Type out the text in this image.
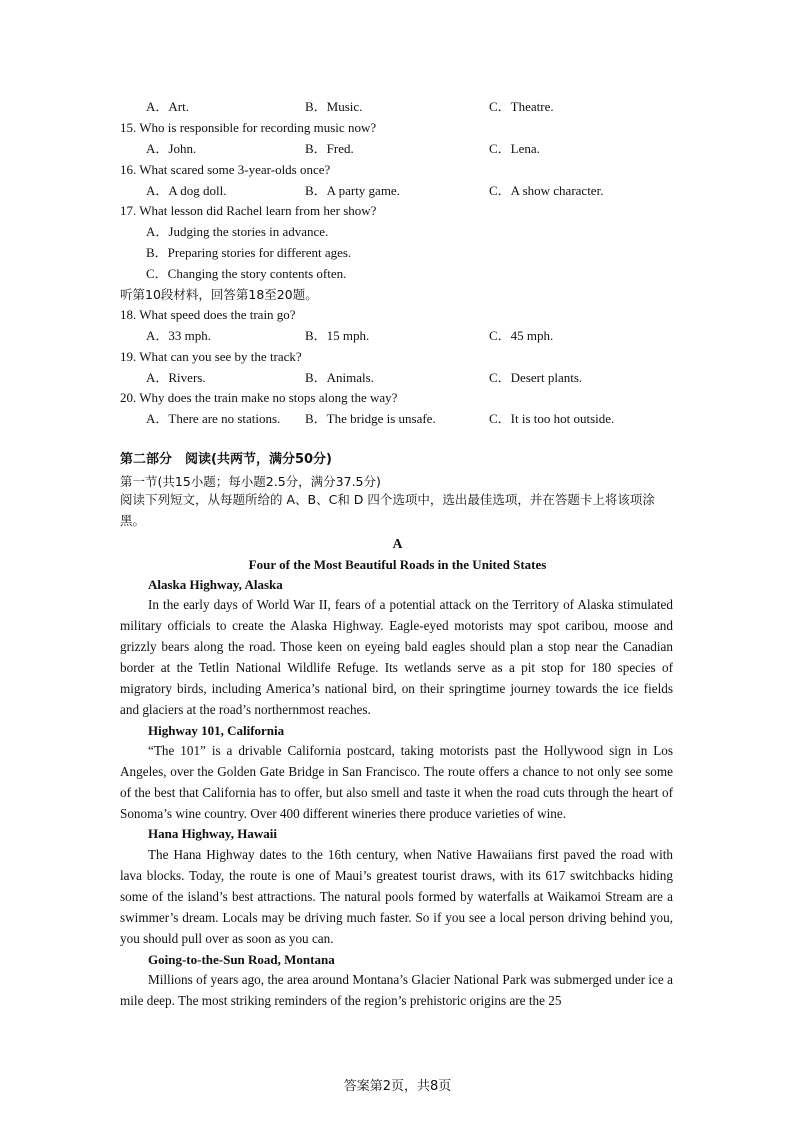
A．Art.	B．Music.	C．Theatre.
15. Who is responsible for recording music now?
A．John.	B．Fred.	C．Lena.
16. What scared some 3-year-olds once?
A．A dog doll.	B．A party game.	C．A show character.
17. What lesson did Rachel learn from her show?
A．Judging the stories in advance.
B．Preparing stories for different ages.
C．Changing the story contents often.
听第10段材料，回答第18至20题。
18. What speed does the train go?
A．33 mph.	B．15 mph.	C．45 mph.
19. What can you see by the track?
A．Rivers.	B．Animals.	C．Desert plants.
20. Why does the train make no stops along the way?
A．There are no stations. B．The bridge is unsafe.	C．It is too hot outside.
第二部分　阅读(共两节，满分50分)
第一节(共15小题；每小题2.5分，满分37.5分)
阅读下列短文，从每题所给的 A、B、C和 D 四个选项中，选出最佳选项，并在答题卡上将该项涂黑。
A
Four of the Most Beautiful Roads in the United States
Alaska Highway, Alaska

In the early days of World War II, fears of a potential attack on the Territory of Alaska stimulated military officials to create the Alaska Highway. Eagle-eyed motorists may spot caribou, moose and grizzly bears along the road. Those keen on eyeing bald eagles should plan a stop near the Canadian border at the Tetlin National Wildlife Refuge. Its wetlands serve as a pit stop for 180 species of migratory birds, including America’s national bird, on their springtime journey towards the ice fields and glaciers at the road’s northernmost reaches.

Highway 101, California

“The 101” is a drivable California postcard, taking motorists past the Hollywood sign in Los Angeles, over the Golden Gate Bridge in San Francisco. The route offers a chance to not only see some of the best that California has to offer, but also smell and taste it when the road cuts through the heart of Sonoma’s wine country. Over 400 different wineries there produce varieties of wine.

Hana Highway, Hawaii

The Hana Highway dates to the 16th century, when Native Hawaiians first paved the road with lava blocks. Today, the route is one of Maui’s greatest tourist draws, with its 617 switchbacks hiding some of the island’s best attractions. The natural pools formed by waterfalls at Waikamoi Stream are a swimmer’s dream. Locals may be driving much faster. So if you see a local person driving behind you, you should pull over as soon as you can.

Going-to-the-Sun Road, Montana

Millions of years ago, the area around Montana’s Glacier National Park was submerged under ice a mile deep. The most striking reminders of the region’s prehistoric origins are the 25

答案第2页，共8页
